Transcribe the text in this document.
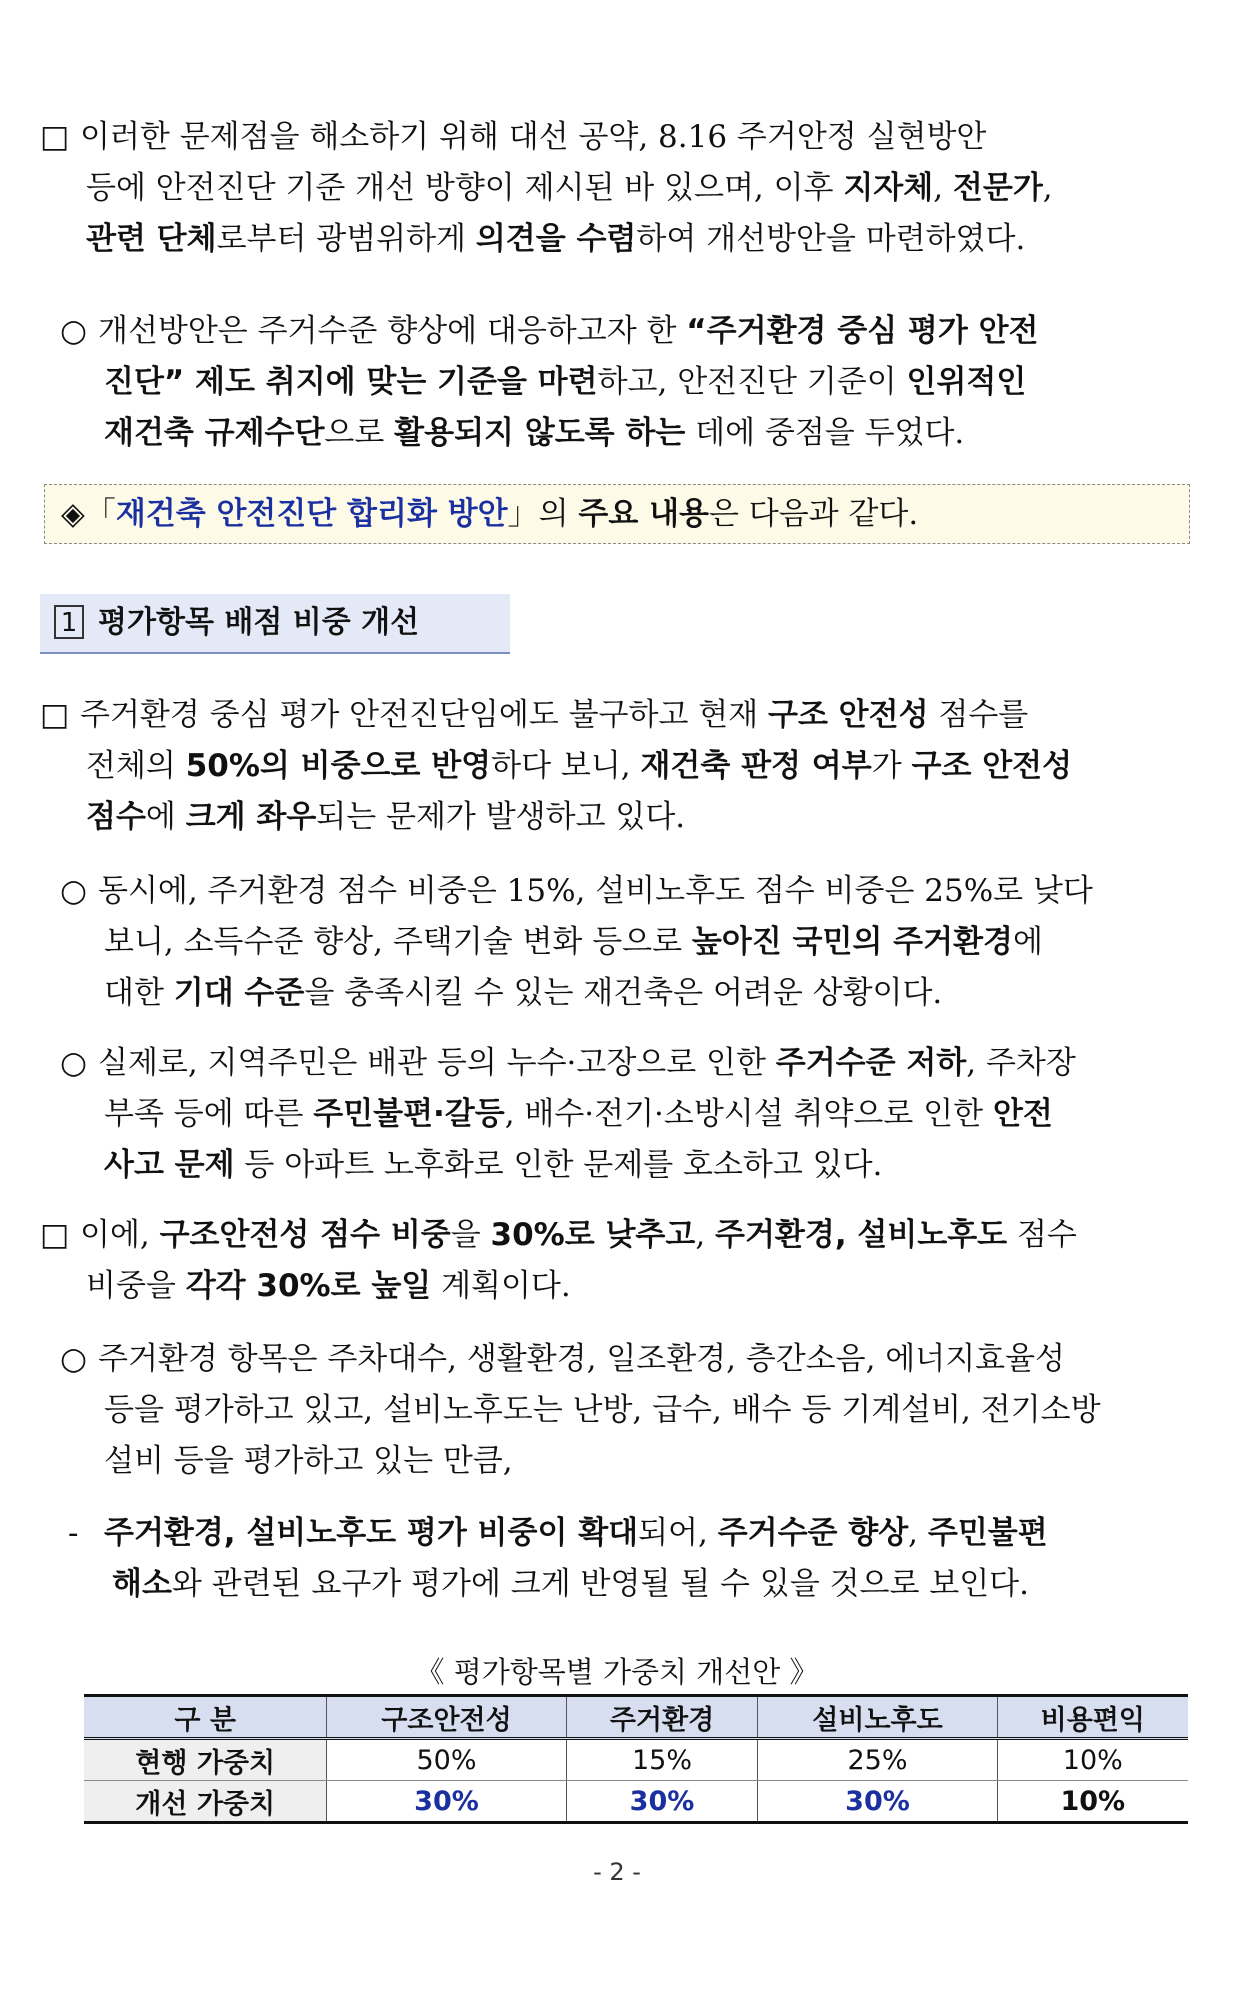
□ 이러한 문제점을 해소하기 위해 대선 공약, 8.16 주거안정 실현방안
등에 안전진단 기준 개선 방향이 제시된 바 있으며, 이후 지자체, 전문가,
관련 단체로부터 광범위하게 의견을 수렴하여 개선방안을 마련하였다.
○ 개선방안은 주거수준 향상에 대응하고자 한 “주거환경 중심 평가 안전
진단” 제도 취지에 맞는 기준을 마련하고, 안전진단 기준이 인위적인
재건축 규제수단으로 활용되지 않도록 하는 데에 중점을 두었다.
◈「재건축 안전진단 합리화 방안」의 주요 내용은 다음과 같다.
1 평가항목 배점 비중 개선
□ 주거환경 중심 평가 안전진단임에도 불구하고 현재 구조 안전성 점수를
전체의 50%의 비중으로 반영하다 보니, 재건축 판정 여부가 구조 안전성
점수에 크게 좌우되는 문제가 발생하고 있다.
○ 동시에, 주거환경 점수 비중은 15%, 설비노후도 점수 비중은 25%로 낮다
보니, 소득수준 향상, 주택기술 변화 등으로 높아진 국민의 주거환경에
대한 기대 수준을 충족시킬 수 있는 재건축은 어려운 상황이다.
○ 실제로, 지역주민은 배관 등의 누수·고장으로 인한 주거수준 저하, 주차장
부족 등에 따른 주민불편·갈등, 배수·전기·소방시설 취약으로 인한 안전
사고 문제 등 아파트 노후화로 인한 문제를 호소하고 있다.
□ 이에, 구조안전성 점수 비중을 30%로 낮추고, 주거환경, 설비노후도 점수
비중을 각각 30%로 높일 계획이다.
○ 주거환경 항목은 주차대수, 생활환경, 일조환경, 층간소음, 에너지효율성
등을 평가하고 있고, 설비노후도는 난방, 급수, 배수 등 기계설비, 전기소방
설비 등을 평가하고 있는 만큼,
- 주거환경, 설비노후도 평가 비중이 확대되어, 주거수준 향상, 주민불편
해소와 관련된 요구가 평가에 크게 반영될 될 수 있을 것으로 보인다.
《 평가항목별 가중치 개선안 》
구 분	구조안전성	주거환경	설비노후도	비용편익
현행 가중치	50%	15%	25%	10%
개선 가중치	30%	30%	30%	10%
- 2 -
